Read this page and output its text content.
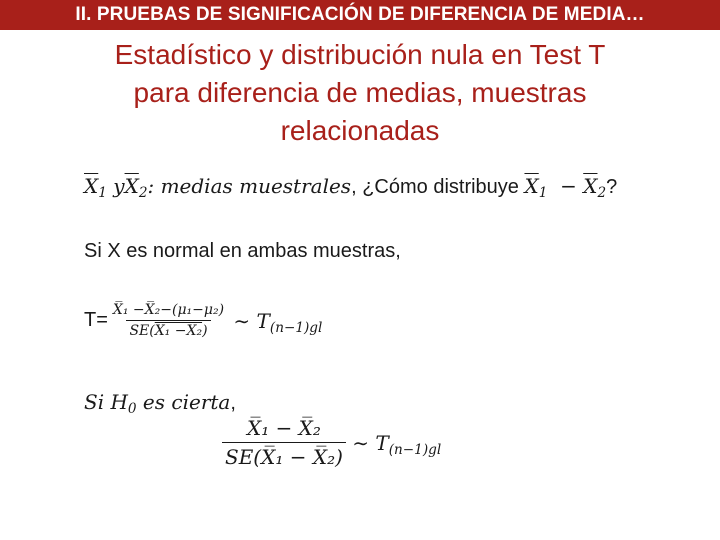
II. PRUEBAS DE SIGNIFICACIÓN DE DIFERENCIA DE MEDIA…
Estadístico y distribución nula en Test T
para diferencia de medias, muestras
relacionadas
$\overline{X}_1$ $y\overline{X}_2$: medias muestrales, ¿Cómo distribuye $\overline{X}_1 - \overline{X}_2$?
Si X es normal en ambas muestras,
$T= \frac{\text{X̅₁ −X̅₂−(μ₁−μ₂)}}{\text{SE(X̅₁ −X̅₂)}}$ ∼ $T_{(n-1)gl}$
Si $H_0$ es cierta,
$\frac{\text{X̅₁ − X̅₂}}{\text{SE(X̅₁ − X̅₂)}}$ ∼ $T_{(n-1)gl}$
